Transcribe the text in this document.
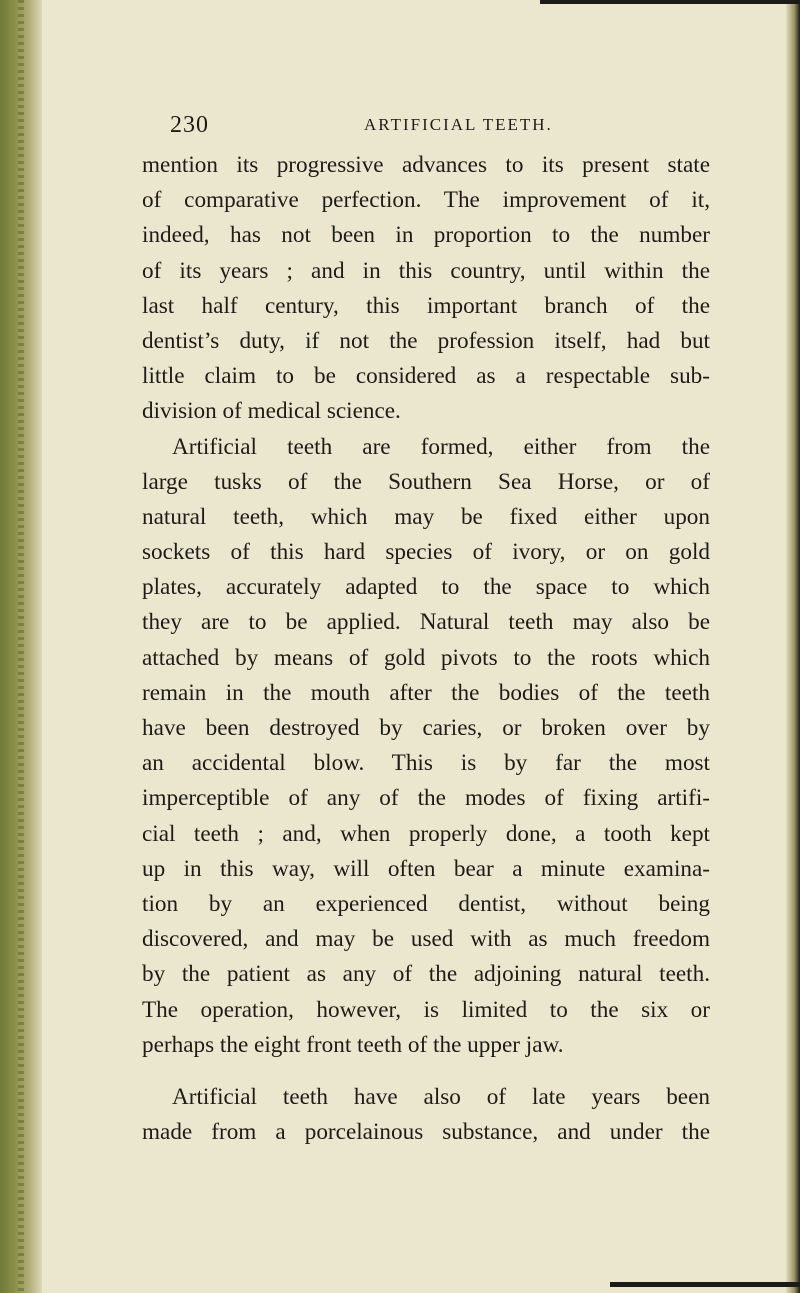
230	ARTIFICIAL TEETH.
mention its progressive advances to its present state
of comparative perfection. The improvement of it,
indeed, has not been in proportion to the number
of its years ; and in this country, until within the
last half century, this important branch of the
dentist’s duty, if not the profession itself, had but
little claim to be considered as a respectable sub-
division of medical science.
Artificial teeth are formed, either from the
large tusks of the Southern Sea Horse, or of
natural teeth, which may be fixed either upon
sockets of this hard species of ivory, or on gold
plates, accurately adapted to the space to which
they are to be applied. Natural teeth may also be
attached by means of gold pivots to the roots which
remain in the mouth after the bodies of the teeth
have been destroyed by caries, or broken over by
an accidental blow. This is by far the most
imperceptible of any of the modes of fixing artifi-
cial teeth ; and, when properly done, a tooth kept
up in this way, will often bear a minute examina-
tion by an experienced dentist, without being
discovered, and may be used with as much freedom
by the patient as any of the adjoining natural teeth.
The operation, however, is limited to the six or
perhaps the eight front teeth of the upper jaw.
Artificial teeth have also of late years been
made from a porcelainous substance, and under the
